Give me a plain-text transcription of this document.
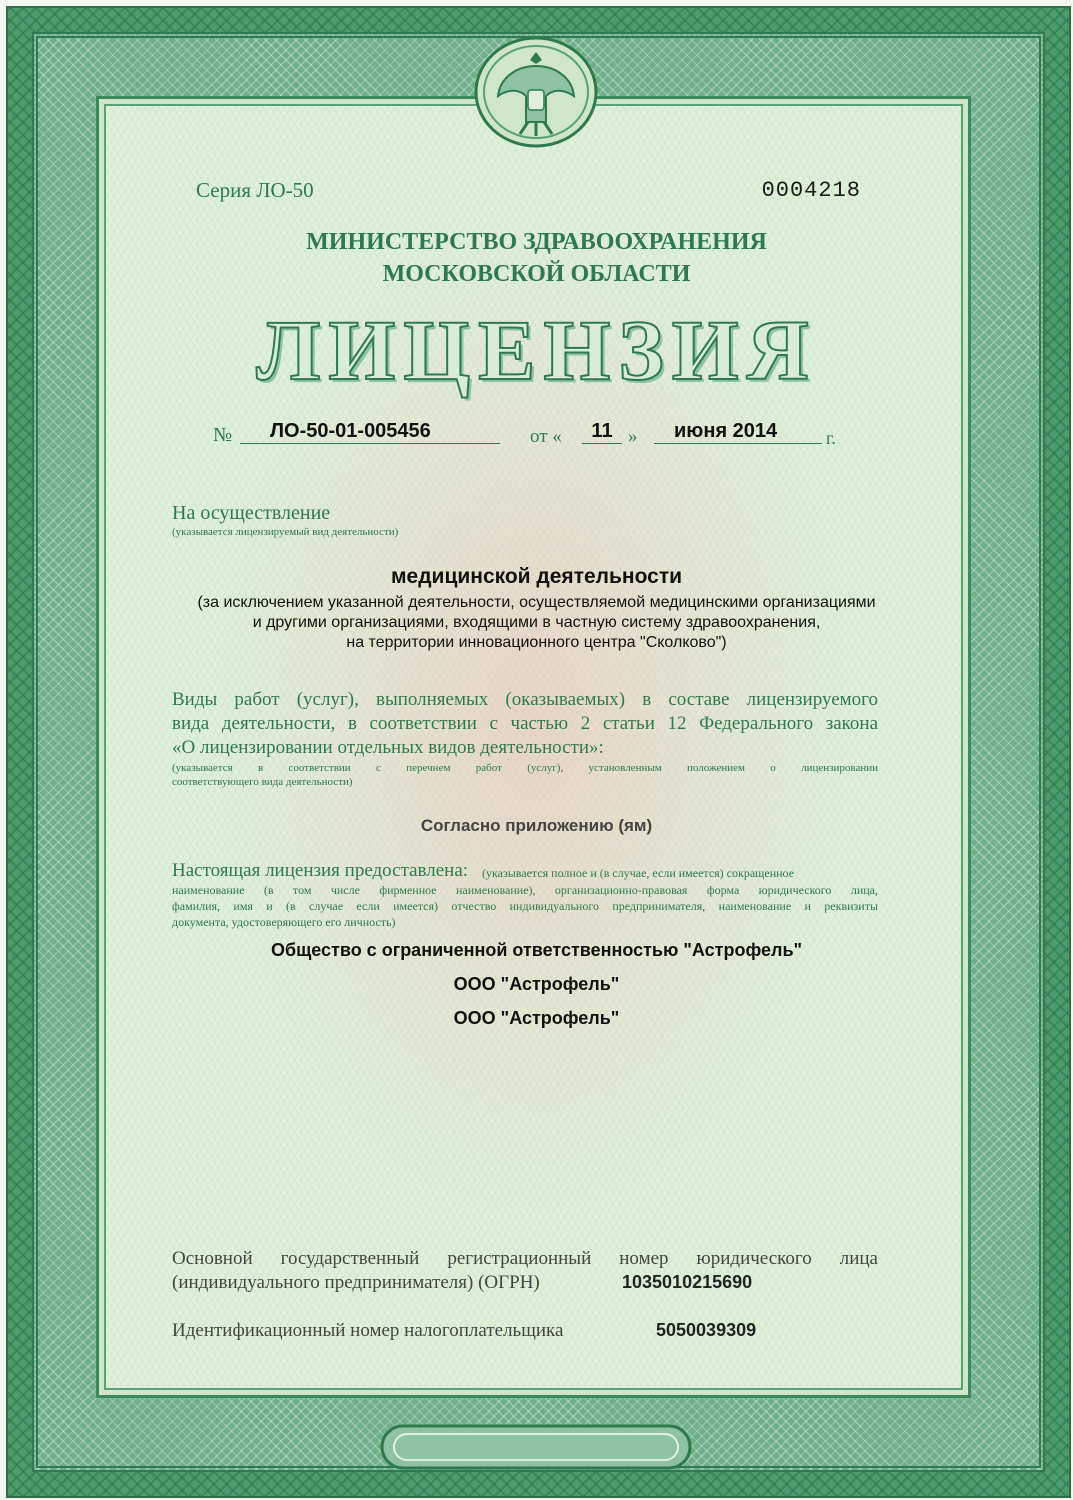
Серия ЛО-50	0004218

МИНИСТЕРСТВО ЗДРАВООХРАНЕНИЯ

МОСКОВСКОЙ ОБЛАСТИ

ЛИЦЕНЗИЯ

№	ЛО-50-01-005456	от «	11 »	июня 2014	г.

На осуществление

(указывается лицензируемый вид деятельности)

медицинской деятельности

(за исключением указанной деятельности, осуществляемой медицинскими организациями

и другими организациями, входящими в частную систему здравоохранения,

на территории инновационного центра "Сколково")

Виды работ (услуг), выполняемых (оказываемых) в составе лицензируемого

вида деятельности, в соответствии с частью 2 статьи 12 Федерального закона

«О лицензировании отдельных видов деятельности»:

(указывается в соответствии с перечнем работ (услуг), установленным положением о лицензировании

соответствующего вида деятельности)

Согласно приложению (ям)

Настоящая лицензия предоставлена: (указывается полное и (в случае, если имеется) сокращенное

наименование (в том числе фирменное наименование), организационно-правовая форма юридического лица,

фамилия, имя и (в случае если имеется) отчество индивидуального предпринимателя, наименование и реквизиты

документа, удостоверяющего его личность)

Общество с ограниченной ответственностью "Астрофель"

ООО "Астрофель"

ООО "Астрофель"

Основной государственный регистрационный номер юридического лица

(индивидуального предпринимателя) (ОГРН)	1035010215690

Идентификационный номер налогоплательщика	5050039309
